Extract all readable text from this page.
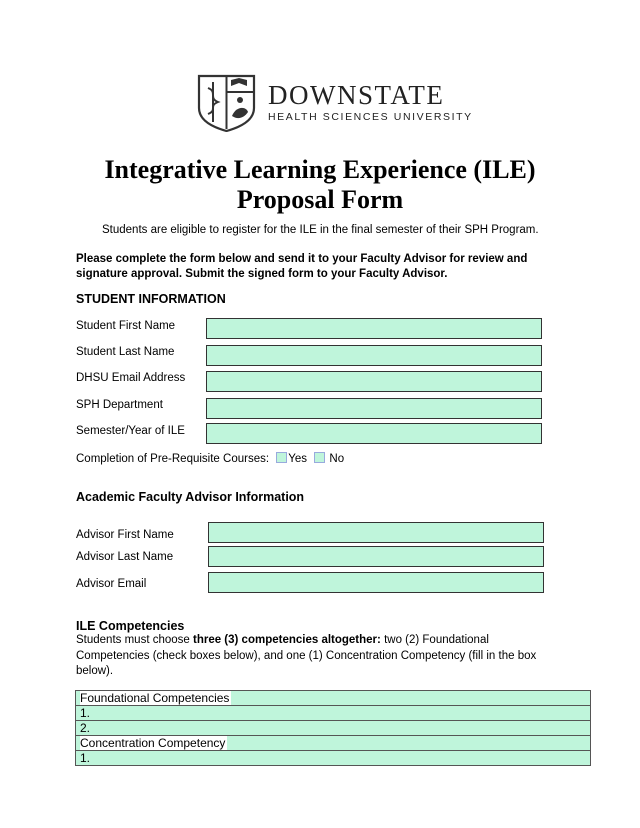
DOWNSTATE
HEALTH SCIENCES UNIVERSITY
Integrative Learning Experience (ILE)
Proposal Form
Students are eligible to register for the ILE in the final semester of their SPH Program.
Please complete the form below and send it to your Faculty Advisor for review and signature approval. Submit the signed form to your Faculty Advisor.
STUDENT INFORMATION
Student First Name
Student Last Name
DHSU Email Address
SPH Department
Semester/Year of ILE
Completion of Pre-Requisite Courses: Yes No
Academic Faculty Advisor Information
Advisor First Name
Advisor Last Name
Advisor Email
ILE Competencies
Students must choose three (3) competencies altogether: two (2) Foundational Competencies (check boxes below), and one (1) Concentration Competency (fill in the box below).
Foundational Competencies
1.
2.
Concentration Competency
1.
